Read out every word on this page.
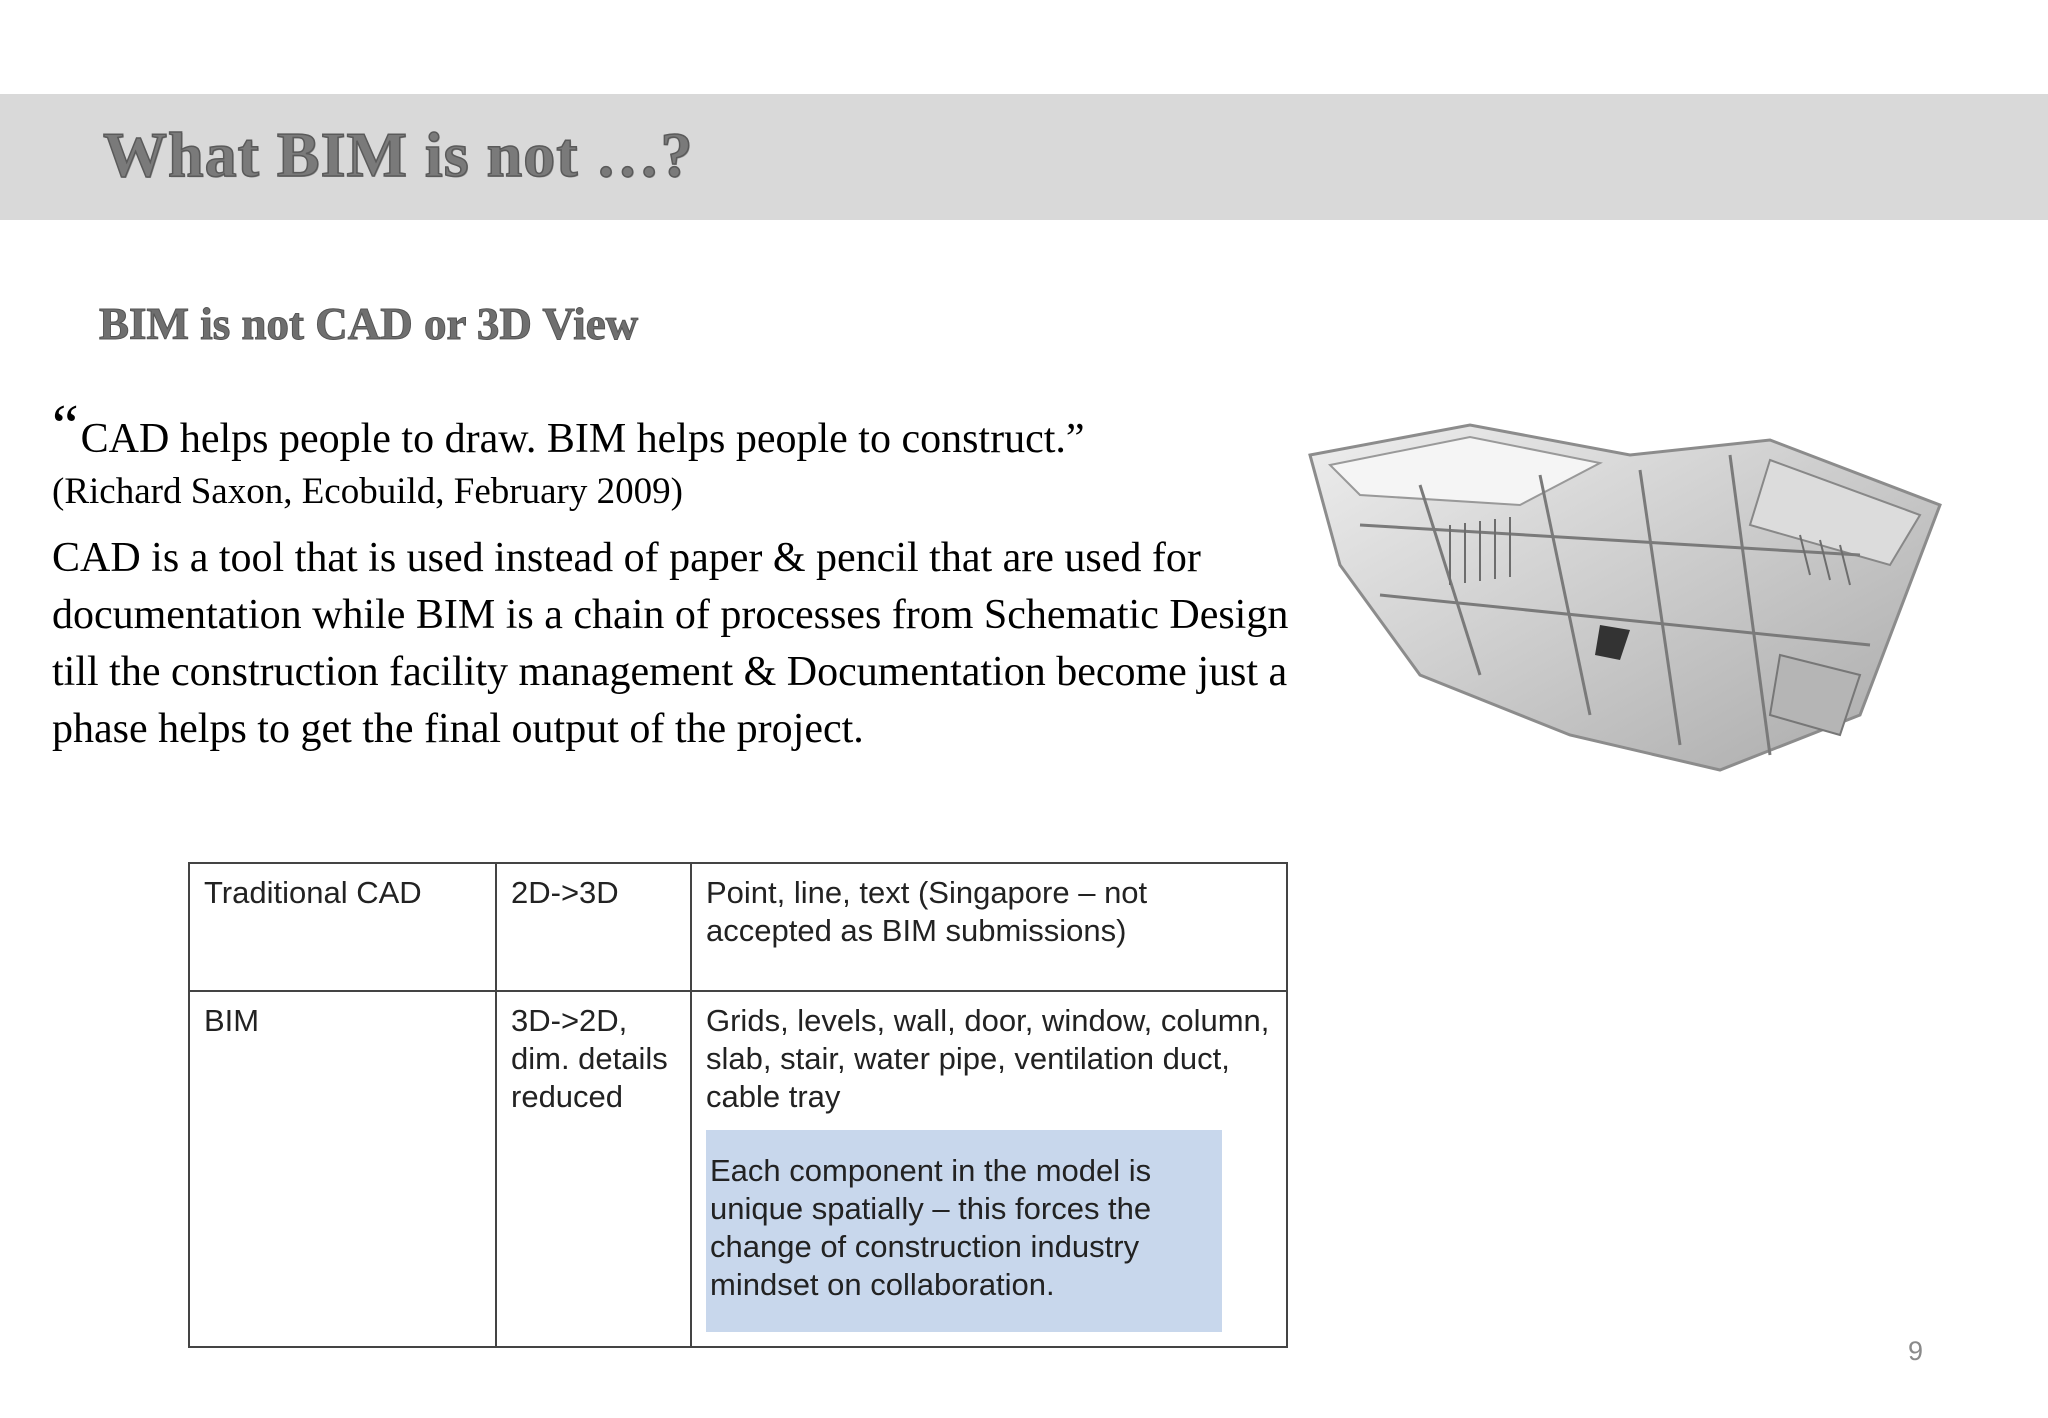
What BIM is not …?
BIM is not CAD or 3D View

“CAD helps people to draw. BIM helps people to construct.”

(Richard Saxon, Ecobuild, February 2009)

CAD is a tool that is used instead of paper & pencil that are used for documentation while BIM is a chain of processes from Schematic Design till the construction facility management & Documentation become just a phase helps to get the final output of the project.

Traditional CAD	2D->3D	Point, line, text (Singapore – not accepted as BIM submissions)
BIM	3D->2D, dim. details reduced	Grids, levels, wall, door, window, column, slab, stair, water pipe, ventilation duct, cable tray
Each component in the model is unique spatially – this forces the change of construction industry mindset on collaboration.
9
